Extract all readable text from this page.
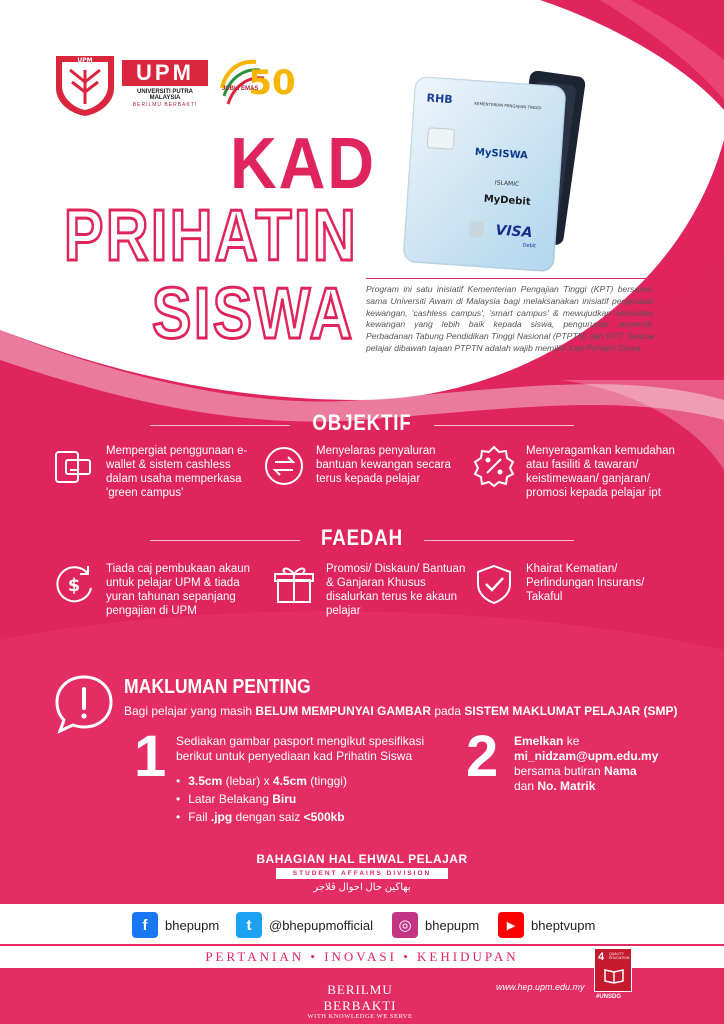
UPM	UPM
UNIVERSITI PUTRA MALAYSIA
BERILMU BERBAKTI
50
JUBLI EMAS
KAD
PRIHATIN
SISWA
RHB	KEMENTERIAN PENGAJIAN TINGGI
MySISWA
ISLAMIC
MyDebit
VISA
Debit

Program ini satu inisiatif Kementerian Pengajian Tinggi (KPT) bersama-sama Universiti Awam di Malaysia bagi melaksanakan inisiatif penjimatan kewangan, 'cashless campus', 'smart campus' & mewujudkan ekosistem kewangan yang lebih baik kepada siswa, pengurusan universiti. Perbadanan Tabung Pendidikan Tinggi Nasional (PTPTN) dan KPT. Semua pelajar dibawah tajaan PTPTN adalah wajib memiliki Kad Prihatin Siswa.

OBJEKTIF
Mempergiat penggunaan e-wallet & sistem cashless dalam usaha memperkasa 'green campus'
Menyelaras penyaluran bantuan kewangan secara terus kepada pelajar
Menyeragamkan kemudahan atau fasiliti & tawaran/ keistimewaan/ ganjaran/ promosi kepada pelajar ipt
FAEDAH
$
Tiada caj pembukaan akaun untuk pelajar UPM & tiada yuran tahunan sepanjang pengajian di UPM
Promosi/ Diskaun/ Bantuan & Ganjaran Khusus disalurkan terus ke akaun pelajar
Khairat Kematian/ Perlindungan Insurans/ Takaful
MAKLUMAN PENTING
Bagi pelajar yang masih BELUM MEMPUNYAI GAMBAR pada SISTEM MAKLUMAT PELAJAR (SMP)
1 Sediakan gambar pasport mengikut spesifikasi
berikut untuk penyediaan kad Prihatin Siswa
• 3.5cm (lebar) x 4.5cm (tinggi)
• Latar Belakang Biru
• Fail .jpg dengan saiz <500kb
2 Emelkan ke
mi_nidzam@upm.edu.my
bersama butiran Nama
dan No. Matrik
BAHAGIAN HAL EHWAL PELAJAR
STUDENT AFFAIRS DIVISION
بهاڬين حال احوال ڤلاجر
f	bhepupm	t	@bhepupmofficial	◎	bhepupm	▶	bheptvupm
PERTANIAN • INOVASI • KEHIDUPAN
BERILMU BERBAKTI
WITH KNOWLEDGE WE SERVE
www.hep.upm.edu.my
4 QUALITY EDUCATION
#UNSDG
